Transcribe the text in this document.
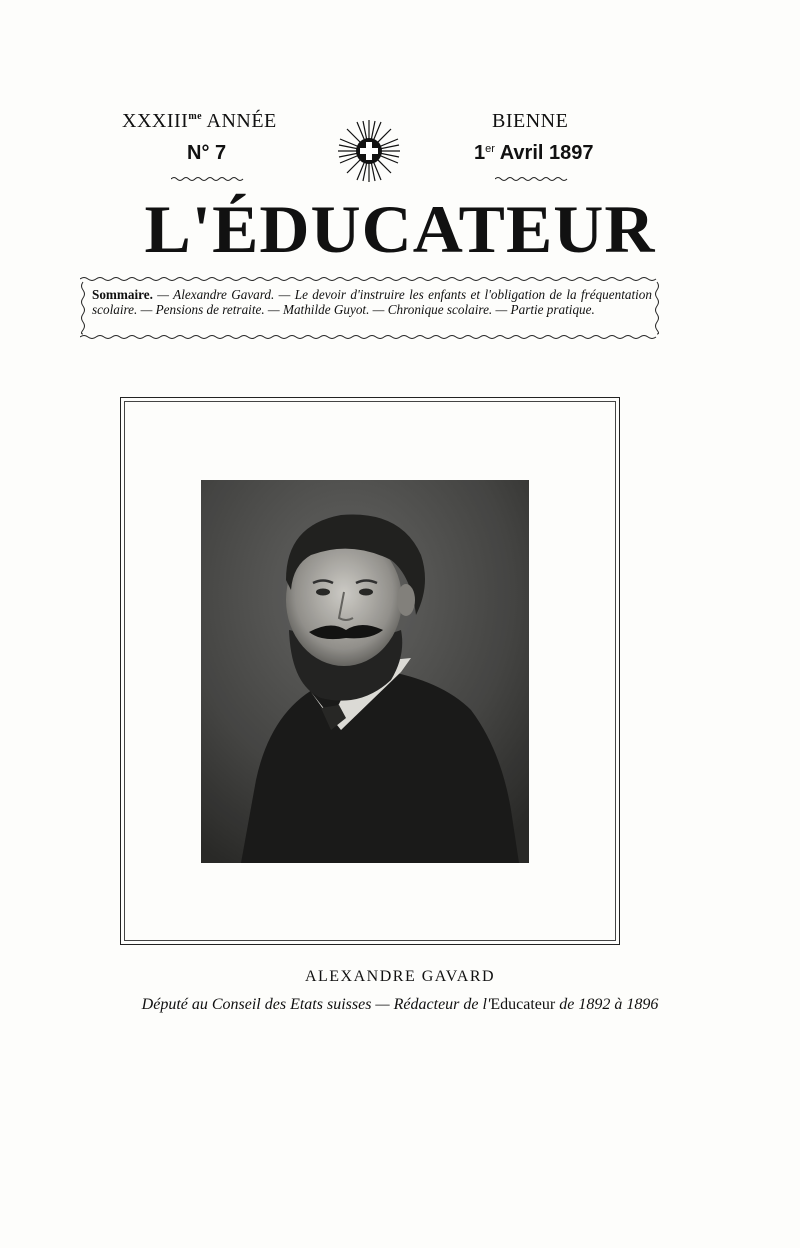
$XXXIII^{me}$ ANNÉE
N° 7
BIENNE
1er Avril 1897
L'ÉDUCATEUR
Sommaire. — Alexandre Gavard. — Le devoir d'instruire les enfants et l'obligation de la fréquentation scolaire. — Pensions de retraite. — Mathilde Guyot. — Chronique scolaire. — Partie pratique.
ALEXANDRE GAVARD
Député au Conseil des Etats suisses — Rédacteur de l'Educateur de 1892 à 1896
